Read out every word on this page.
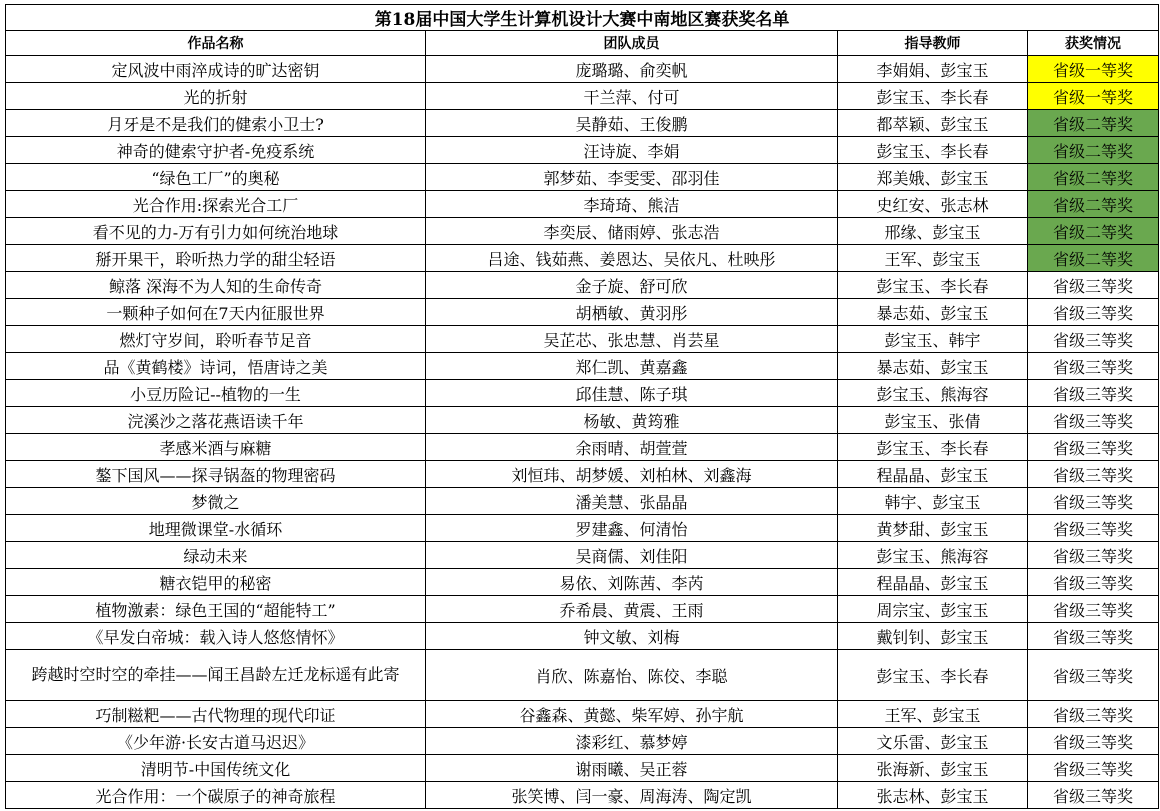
第18届中国大学生计算机设计大赛中南地区赛获奖名单			
作品名称	团队成员	指导教师	获奖情况
定风波中雨淬成诗的旷达密钥	庞璐璐、俞奕帆	李娟娟、彭宝玉	省级一等奖
光的折射	干兰萍、付可	彭宝玉、李长春	省级一等奖
月牙是不是我们的健索小卫士?	吴静茹、王俊鹏	都萃颖、彭宝玉	省级二等奖
神奇的健索守护者-免疫系统	汪诗旋、李娟	彭宝玉、李长春	省级二等奖
“绿色工厂”的奥秘	郭梦茹、李雯雯、邵羽佳	郑美娥、彭宝玉	省级二等奖
光合作用:探索光合工厂	李琦琦、熊洁	史红安、张志林	省级二等奖
看不见的力-万有引力如何统治地球	李奕辰、储雨婷、张志浩	邢缘、彭宝玉	省级二等奖
掰开果干，聆听热力学的甜尘轻语	吕途、钱茹燕、姜恩达、吴依凡、杜映彤	王军、彭宝玉	省级二等奖
鲸落 深海不为人知的生命传奇	金子旋、舒可欣	彭宝玉、李长春	省级三等奖
一颗种子如何在7天内征服世界	胡栖敏、黄羽彤	暴志茹、彭宝玉	省级三等奖
燃灯守岁间，聆听春节足音	吴芷芯、张忠慧、肖芸星	彭宝玉、韩宇	省级三等奖
品《黄鹤楼》诗词，悟唐诗之美	郑仁凯、黄嘉鑫	暴志茹、彭宝玉	省级三等奖
小豆历险记--植物的一生	邱佳慧、陈子琪	彭宝玉、熊海容	省级三等奖
浣溪沙之落花燕语读千年	杨敏、黄筠雅	彭宝玉、张倩	省级三等奖
孝感米酒与麻糖	余雨晴、胡萱萱	彭宝玉、李长春	省级三等奖
鏊下国风——探寻锅盔的物理密码	刘恒玮、胡梦媛、刘柏林、刘鑫海	程晶晶、彭宝玉	省级三等奖
梦微之	潘美慧、张晶晶	韩宇、彭宝玉	省级三等奖
地理微课堂-水循环	罗建鑫、何清怡	黄梦甜、彭宝玉	省级三等奖
绿动未来	吴商儒、刘佳阳	彭宝玉、熊海容	省级三等奖
糖衣铠甲的秘密	易依、刘陈茜、李芮	程晶晶、彭宝玉	省级三等奖
植物激素：绿色王国的“超能特工”	乔希晨、黄震、王雨	周宗宝、彭宝玉	省级三等奖
《早发白帝城：载入诗人悠悠情怀》	钟文敏、刘梅	戴钊钊、彭宝玉	省级三等奖
跨越时空时空的牵挂——闻王昌龄左迁龙标遥有此寄	肖欣、陈嘉怡、陈佼、李聪	彭宝玉、李长春	省级三等奖
巧制糍粑——古代物理的现代印证	谷鑫森、黄懿、柴军婷、孙宇航	王军、彭宝玉	省级三等奖
《少年游·长安古道马迟迟》	漆彩红、慕梦婷	文乐雷、彭宝玉	省级三等奖
清明节-中国传统文化	谢雨曦、吴正蓉	张海新、彭宝玉	省级三等奖
光合作用：一个碳原子的神奇旅程	张笑博、闫一豪、周海涛、陶定凯	张志林、彭宝玉	省级三等奖
